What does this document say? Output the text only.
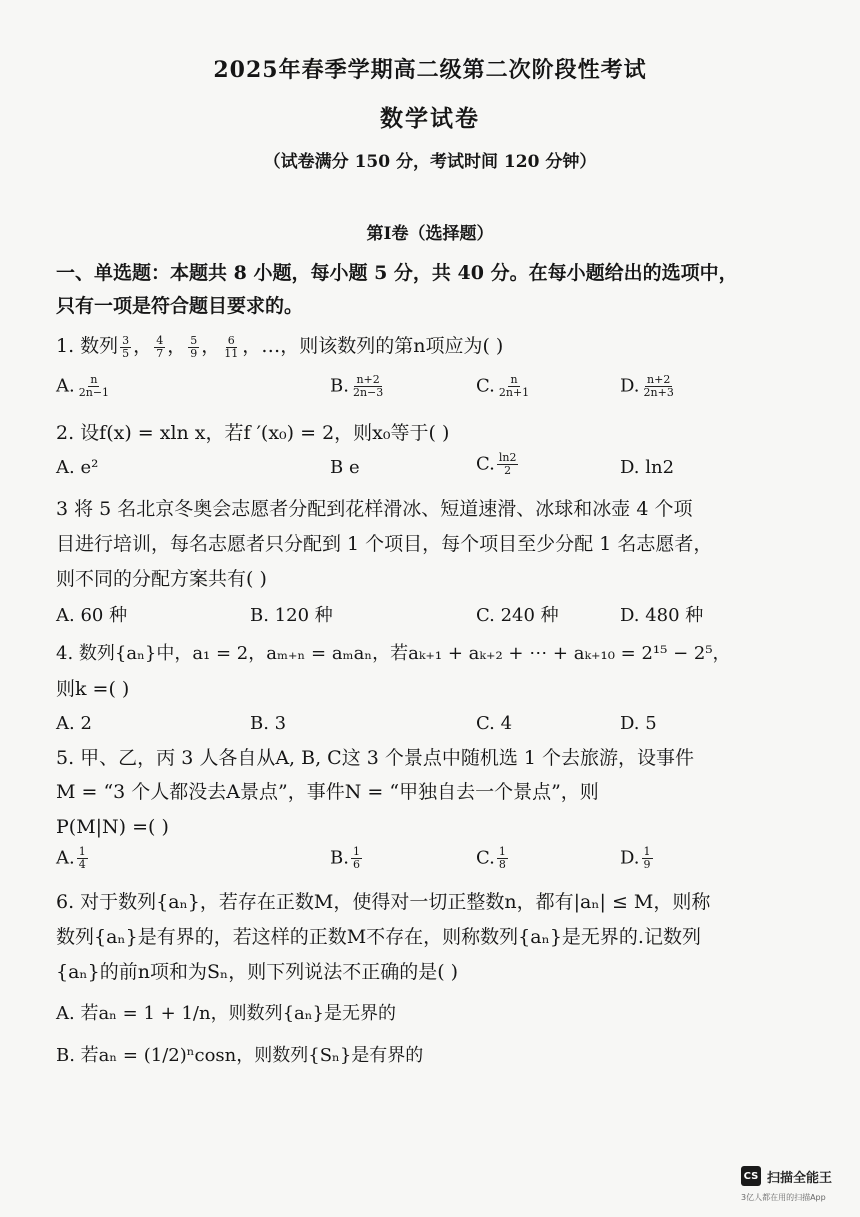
2025年春季学期高二级第二次阶段性考试
数学试卷
（试卷满分 150 分，考试时间 120 分钟）
第Ⅰ卷（选择题）
一、单选题：本题共 8 小题，每小题 5 分，共 40 分。在每小题给出的选项中，
只有一项是符合题目要求的。
1. 数列 $\frac{3}{5}$ ， $\frac{4}{7}$ ， $\frac{5}{9}$ ， $\frac{6}{11}$ ，…，则该数列的第n项应为( )
A. $\frac{n}{2n-1}$	B. $\frac{n+2}{2n-3}$	C. $\frac{n}{2n+1}$	D. $\frac{n+2}{2n+3}$
2. 设f(x) = xln x，若f ′(x₀) = 2，则x₀等于( )
A. e²	B e	C. $\frac{\ln 2}{2}$	D. ln2
3 将 5 名北京冬奥会志愿者分配到花样滑冰、短道速滑、冰球和冰壶 4 个项
目进行培训，每名志愿者只分配到 1 个项目，每个项目至少分配 1 名志愿者，
则不同的分配方案共有( )
A. 60 种	B. 120 种	C. 240 种	D. 480 种
4. 数列{aₙ}中，a₁ = 2，aₘ₊ₙ = aₘaₙ，若aₖ₊₁ + aₖ₊₂ + ⋯ + aₖ₊₁₀ = 2¹⁵ − 2⁵，
则k =( )
A. 2	B. 3	C. 4	D. 5
5. 甲、乙，丙 3 人各自从A, B, C这 3 个景点中随机选 1 个去旅游，设事件
M = “3 个人都没去A景点”，事件N = “甲独自去一个景点”，则
P(M|N) =( )
A. $\frac{1}{4}$	B. $\frac{1}{6}$	C. $\frac{1}{8}$	D. $\frac{1}{9}$
6. 对于数列{aₙ}，若存在正数M，使得对一切正整数n，都有|aₙ| ≤ M，则称
数列{aₙ}是有界的，若这样的正数M不存在，则称数列{aₙ}是无界的.记数列
{aₙ}的前n项和为Sₙ，则下列说法不正确的是( )
A. 若aₙ = 1 + 1/n，则数列{aₙ}是无界的
B. 若aₙ = (1/2)ⁿcosn，则数列{Sₙ}是有界的
CS 扫描全能王
3亿人都在用的扫描App
